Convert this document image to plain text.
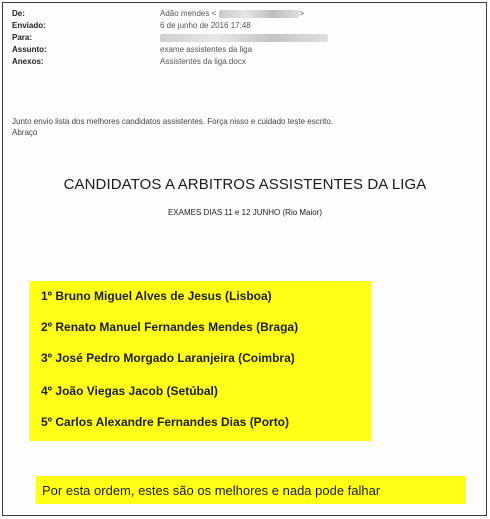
De:	Adão mendes <	>
Enviado:	6 de junho de 2016 17:48
Para:
Assunto:	exame assistentes da liga
Anexos:	Assistentes da liga.docx
Junto envio lista dos melhores candidatos assistentes. Força nisso e cuidado teste escrito.
Abraço
CANDIDATOS A ARBITROS ASSISTENTES DA LIGA
EXAMES DIAS 11 e 12 JUNHO (Rio Maior)
1º Bruno Miguel Alves de Jesus (Lisboa)
2º Renato Manuel Fernandes Mendes (Braga)
3º José Pedro Morgado Laranjeira (Coimbra)
4º João Viegas Jacob (Setúbal)
5º Carlos Alexandre Fernandes Dias (Porto)
Por esta ordem, estes são os melhores e nada pode falhar
